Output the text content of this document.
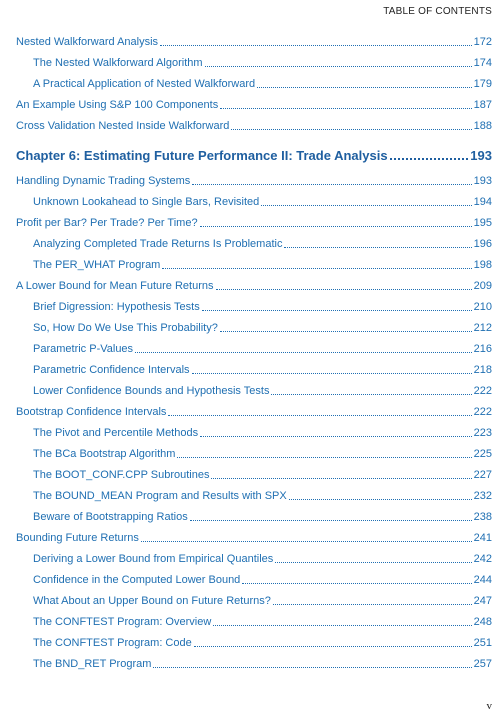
TABLE OF CONTENTS
Nested Walkforward Analysis	172
The Nested Walkforward Algorithm	174
A Practical Application of Nested Walkforward	179
An Example Using S&P 100 Components	187
Cross Validation Nested Inside Walkforward	188
Chapter 6: Estimating Future Performance II: Trade Analysis	193
Handling Dynamic Trading Systems	193
Unknown Lookahead to Single Bars, Revisited	194
Profit per Bar? Per Trade? Per Time?	195
Analyzing Completed Trade Returns Is Problematic	196
The PER_WHAT Program	198
A Lower Bound for Mean Future Returns	209
Brief Digression: Hypothesis Tests	210
So, How Do We Use This Probability?	212
Parametric P-Values	216
Parametric Confidence Intervals	218
Lower Confidence Bounds and Hypothesis Tests	222
Bootstrap Confidence Intervals	222
The Pivot and Percentile Methods	223
The BCa Bootstrap Algorithm	225
The BOOT_CONF.CPP Subroutines	227
The BOUND_MEAN Program and Results with SPX	232
Beware of Bootstrapping Ratios	238
Bounding Future Returns	241
Deriving a Lower Bound from Empirical Quantiles	242
Confidence in the Computed Lower Bound	244
What About an Upper Bound on Future Returns?	247
The CONFTEST Program: Overview	248
The CONFTEST Program: Code	251
The BND_RET Program	257
v
